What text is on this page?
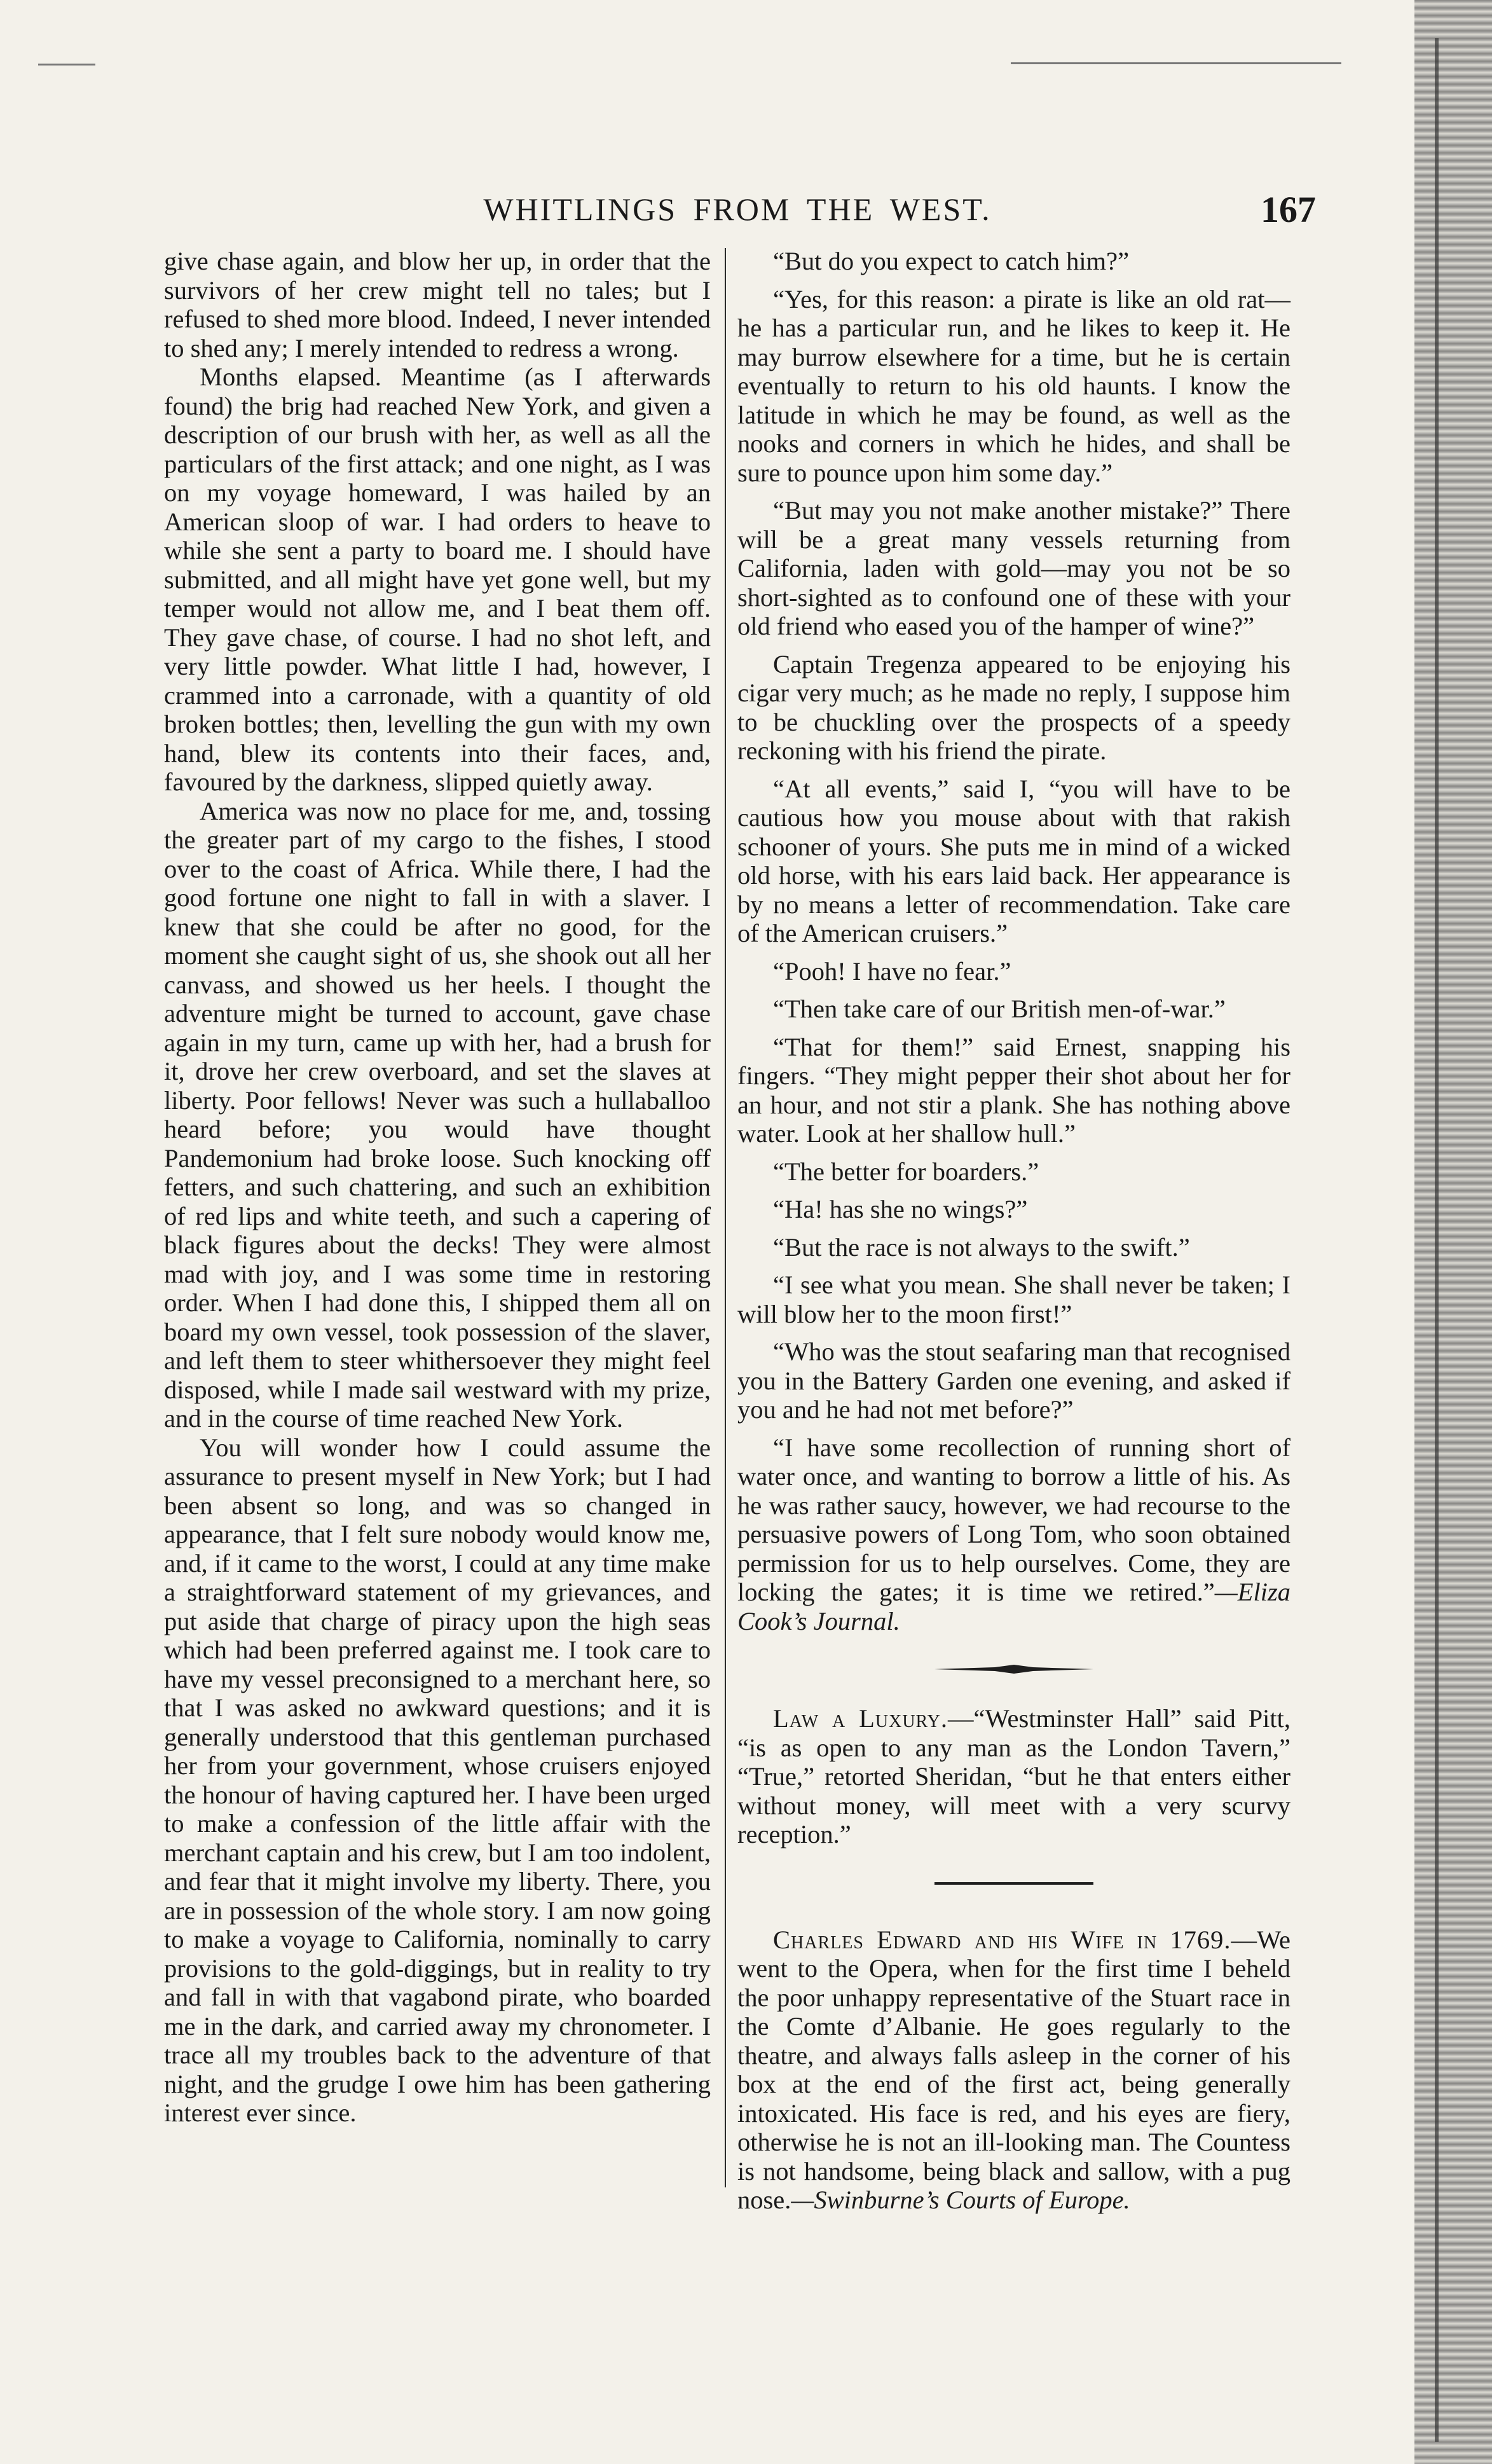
WHITLINGS FROM THE WEST.	167

give chase again, and blow her up, in order that the survivors of her crew might tell no tales; but I refused to shed more blood. Indeed, I never intended to shed any; I merely intended to redress a wrong.

Months elapsed. Meantime (as I afterwards found) the brig had reached New York, and given a description of our brush with her, as well as all the particulars of the first attack; and one night, as I was on my voyage homeward, I was hailed by an American sloop of war. I had orders to heave to while she sent a party to board me. I should have submitted, and all might have yet gone well, but my temper would not allow me, and I beat them off. They gave chase, of course. I had no shot left, and very little powder. What little I had, however, I crammed into a carronade, with a quantity of old broken bottles; then, levelling the gun with my own hand, blew its contents into their faces, and, favoured by the darkness, slipped quietly away.

America was now no place for me, and, tossing the greater part of my cargo to the fishes, I stood over to the coast of Africa. While there, I had the good fortune one night to fall in with a slaver. I knew that she could be after no good, for the moment she caught sight of us, she shook out all her canvass, and showed us her heels. I thought the adventure might be turned to account, gave chase again in my turn, came up with her, had a brush for it, drove her crew overboard, and set the slaves at liberty. Poor fellows! Never was such a hullaballoo heard before; you would have thought Pandemonium had broke loose. Such knocking off fetters, and such chattering, and such an exhibition of red lips and white teeth, and such a capering of black figures about the decks! They were almost mad with joy, and I was some time in restoring order. When I had done this, I shipped them all on board my own vessel, took possession of the slaver, and left them to steer whithersoever they might feel disposed, while I made sail westward with my prize, and in the course of time reached New York.

You will wonder how I could assume the assurance to present myself in New York; but I had been absent so long, and was so changed in appearance, that I felt sure nobody would know me, and, if it came to the worst, I could at any time make a straightforward statement of my grievances, and put aside that charge of piracy upon the high seas which had been preferred against me. I took care to have my vessel preconsigned to a merchant here, so that I was asked no awkward questions; and it is generally understood that this gentleman purchased her from your government, whose cruisers enjoyed the honour of having captured her. I have been urged to make a confession of the little affair with the merchant captain and his crew, but I am too indolent, and fear that it might involve my liberty. There, you are in possession of the whole story. I am now going to make a voyage to California, nominally to carry provisions to the gold-diggings, but in reality to try and fall in with that vagabond pirate, who boarded me in the dark, and carried away my chronometer. I trace all my troubles back to the adventure of that night, and the grudge I owe him has been gathering interest ever since.

“But do you expect to catch him?”

“Yes, for this reason: a pirate is like an old rat—he has a particular run, and he likes to keep it. He may burrow elsewhere for a time, but he is certain eventually to return to his old haunts. I know the latitude in which he may be found, as well as the nooks and corners in which he hides, and shall be sure to pounce upon him some day.”

“But may you not make another mistake?” There will be a great many vessels returning from California, laden with gold—may you not be so short-sighted as to confound one of these with your old friend who eased you of the hamper of wine?”

Captain Tregenza appeared to be enjoying his cigar very much; as he made no reply, I suppose him to be chuckling over the prospects of a speedy reckoning with his friend the pirate.

“At all events,” said I, “you will have to be cautious how you mouse about with that rakish schooner of yours. She puts me in mind of a wicked old horse, with his ears laid back. Her appearance is by no means a letter of recommendation. Take care of the American cruisers.”

“Pooh! I have no fear.”

“Then take care of our British men-of-war.”

“That for them!” said Ernest, snapping his fingers. “They might pepper their shot about her for an hour, and not stir a plank. She has nothing above water. Look at her shallow hull.”

“The better for boarders.”

“Ha! has she no wings?”

“But the race is not always to the swift.”

“I see what you mean. She shall never be taken; I will blow her to the moon first!”

“Who was the stout seafaring man that recognised you in the Battery Garden one evening, and asked if you and he had not met before?”

“I have some recollection of running short of water once, and wanting to borrow a little of his. As he was rather saucy, however, we had recourse to the persuasive powers of Long Tom, who soon obtained permission for us to help ourselves. Come, they are locking the gates; it is time we retired.”—Eliza Cook’s Journal.

Law a Luxury.—“Westminster Hall” said Pitt, “is as open to any man as the London Tavern,” “True,” retorted Sheridan, “but he that enters either without money, will meet with a very scurvy reception.”

Charles Edward and his Wife in 1769.—We went to the Opera, when for the first time I beheld the poor unhappy representative of the Stuart race in the Comte d’Albanie. He goes regularly to the theatre, and always falls asleep in the corner of his box at the end of the first act, being generally intoxicated. His face is red, and his eyes are fiery, otherwise he is not an ill-looking man. The Countess is not handsome, being black and sallow, with a pug nose.—Swinburne’s Courts of Europe.
